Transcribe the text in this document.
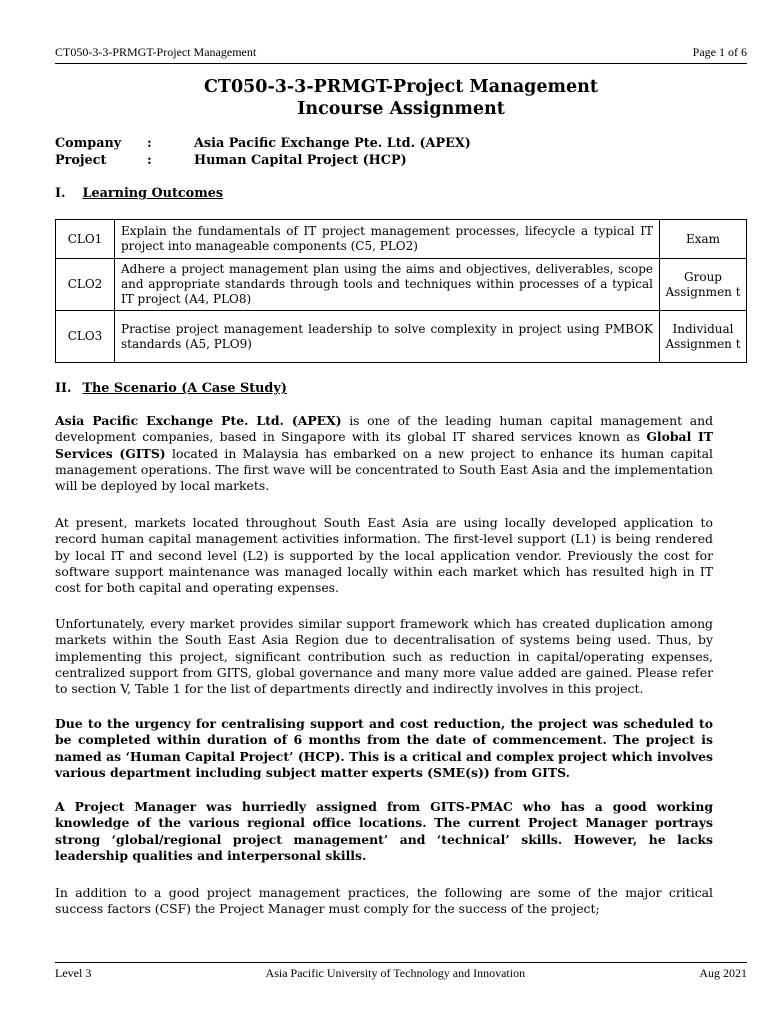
CT050-3-3-PRMGT-Project Management	Page 1 of 6
CT050-3-3-PRMGT-Project Management
Incourse Assignment
Company	:	Asia Pacific Exchange Pte. Ltd. (APEX)
Project	:	Human Capital Project (HCP)
I. Learning Outcomes
CLO1	Explain the fundamentals of IT project management processes, lifecycle a typical IT project into manageable components (C5, PLO2)	Exam
CLO2	Adhere a project management plan using the aims and objectives, deliverables, scope and appropriate standards through tools and techniques within processes of a typical IT project (A4, PLO8)	Group Assignmen t
CLO3	Practise project management leadership to solve complexity in project using PMBOK standards (A5, PLO9)	Individual Assignmen t
II. The Scenario (A Case Study)
Asia Pacific Exchange Pte. Ltd. (APEX) is one of the leading human capital management and development companies, based in Singapore with its global IT shared services known as Global IT Services (GITS) located in Malaysia has embarked on a new project to enhance its human capital management operations. The first wave will be concentrated to South East Asia and the implementation will be deployed by local markets.
At present, markets located throughout South East Asia are using locally developed application to record human capital management activities information. The first-level support (L1) is being rendered by local IT and second level (L2) is supported by the local application vendor. Previously the cost for software support maintenance was managed locally within each market which has resulted high in IT cost for both capital and operating expenses.
Unfortunately, every market provides similar support framework which has created duplication among markets within the South East Asia Region due to decentralisation of systems being used. Thus, by implementing this project, significant contribution such as reduction in capital/operating expenses, centralized support from GITS, global governance and many more value added are gained. Please refer to section V, Table 1 for the list of departments directly and indirectly involves in this project.
Due to the urgency for centralising support and cost reduction, the project was scheduled to be completed within duration of 6 months from the date of commencement. The project is named as ‘Human Capital Project’ (HCP). This is a critical and complex project which involves various department including subject matter experts (SME(s)) from GITS.
A Project Manager was hurriedly assigned from GITS-PMAC who has a good working knowledge of the various regional office locations. The current Project Manager portrays strong ‘global/regional project management’ and ‘technical’ skills. However, he lacks leadership qualities and interpersonal skills.
In addition to a good project management practices, the following are some of the major critical success factors (CSF) the Project Manager must comply for the success of the project;
Level 3	Asia Pacific University of Technology and Innovation	Aug 2021
